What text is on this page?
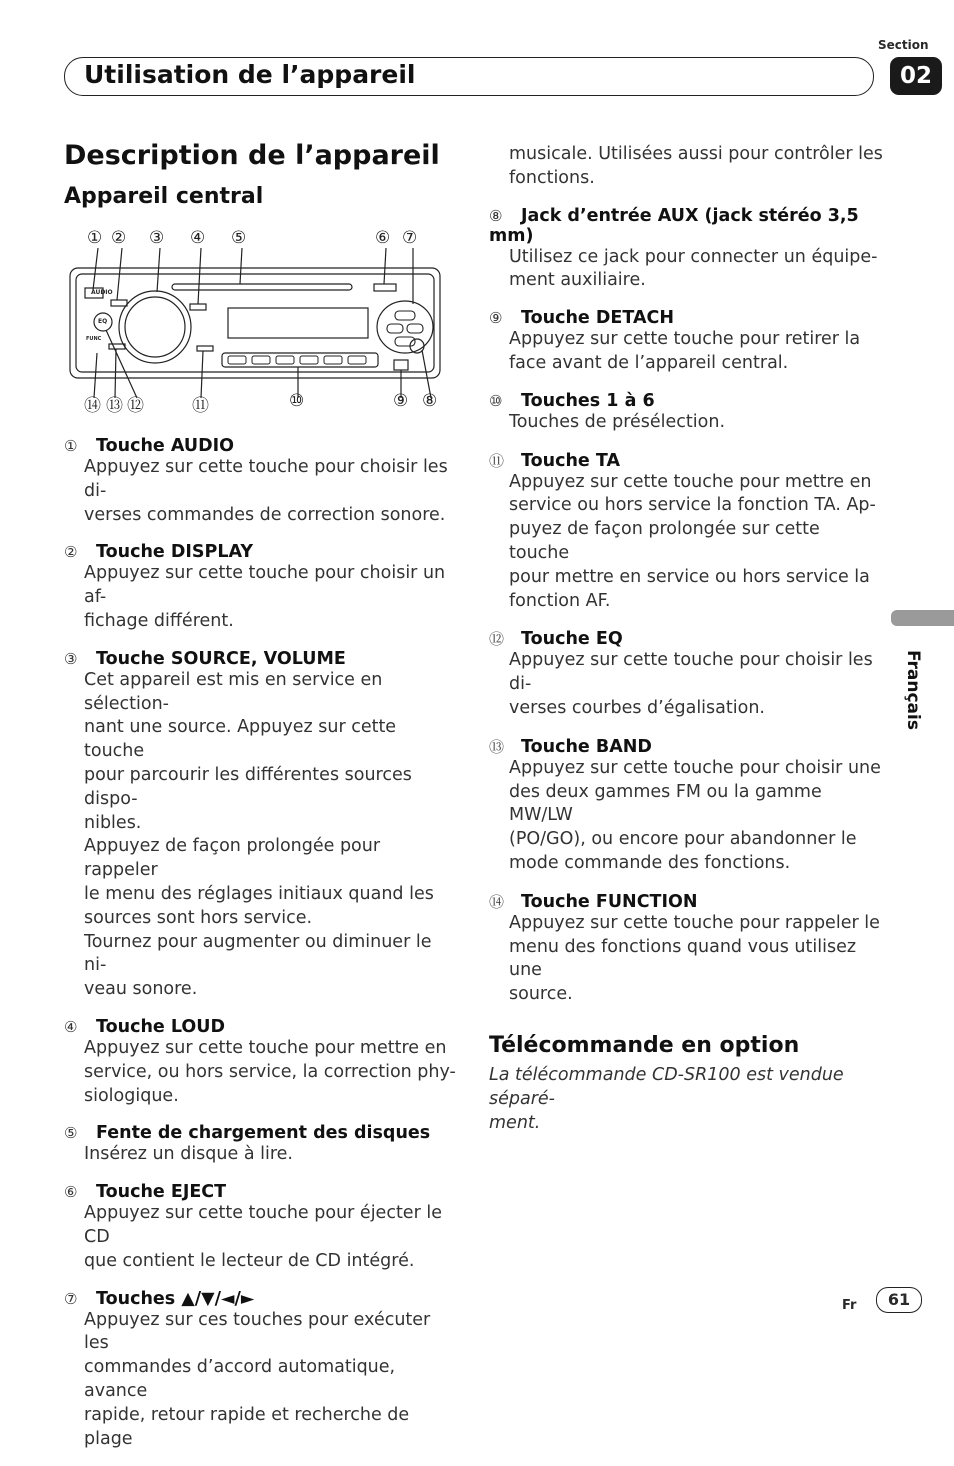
Section
02
Utilisation de l’appareil
Description de l’appareil
Appareil central
① ② ③ ④ ⑤	⑥ ⑦
AUDIO
FUNC
EQ
⑭ ⑬ ⑫	⑪	⑩	⑨ ⑧
① Touche AUDIO
Appuyez sur cette touche pour choisir les di-
verses commandes de correction sonore.
② Touche DISPLAY
Appuyez sur cette touche pour choisir un af-
fichage différent.
③ Touche SOURCE, VOLUME
Cet appareil est mis en service en sélection-
nant une source. Appuyez sur cette touche
pour parcourir les différentes sources dispo-
nibles.
Appuyez de façon prolongée pour rappeler
le menu des réglages initiaux quand les
sources sont hors service.
Tournez pour augmenter ou diminuer le ni-
veau sonore.
④ Touche LOUD
Appuyez sur cette touche pour mettre en
service, ou hors service, la correction phy-
siologique.
⑤ Fente de chargement des disques
Insérez un disque à lire.
⑥ Touche EJECT
Appuyez sur cette touche pour éjecter le CD
que contient le lecteur de CD intégré.
⑦ Touches ▲/▼/◄/►
Appuyez sur ces touches pour exécuter les
commandes d’accord automatique, avance
rapide, retour rapide et recherche de plage
musicale. Utilisées aussi pour contrôler les
fonctions.
⑧ Jack d’entrée AUX (jack stéréo 3,5 mm)
Utilisez ce jack pour connecter un équipe-
ment auxiliaire.
⑨ Touche DETACH
Appuyez sur cette touche pour retirer la
face avant de l’appareil central.
⑩ Touches 1 à 6
Touches de présélection.
⑪ Touche TA
Appuyez sur cette touche pour mettre en
service ou hors service la fonction TA. Ap-
puyez de façon prolongée sur cette touche
pour mettre en service ou hors service la
fonction AF.
⑫ Touche EQ
Appuyez sur cette touche pour choisir les di-
verses courbes d’égalisation.
⑬ Touche BAND
Appuyez sur cette touche pour choisir une
des deux gammes FM ou la gamme MW/LW
(PO/GO), ou encore pour abandonner le
mode commande des fonctions.
⑭ Touche FUNCTION
Appuyez sur cette touche pour rappeler le
menu des fonctions quand vous utilisez une
source.
Télécommande en option
La télécommande CD-SR100 est vendue séparé-
ment.
Français
Fr	61
